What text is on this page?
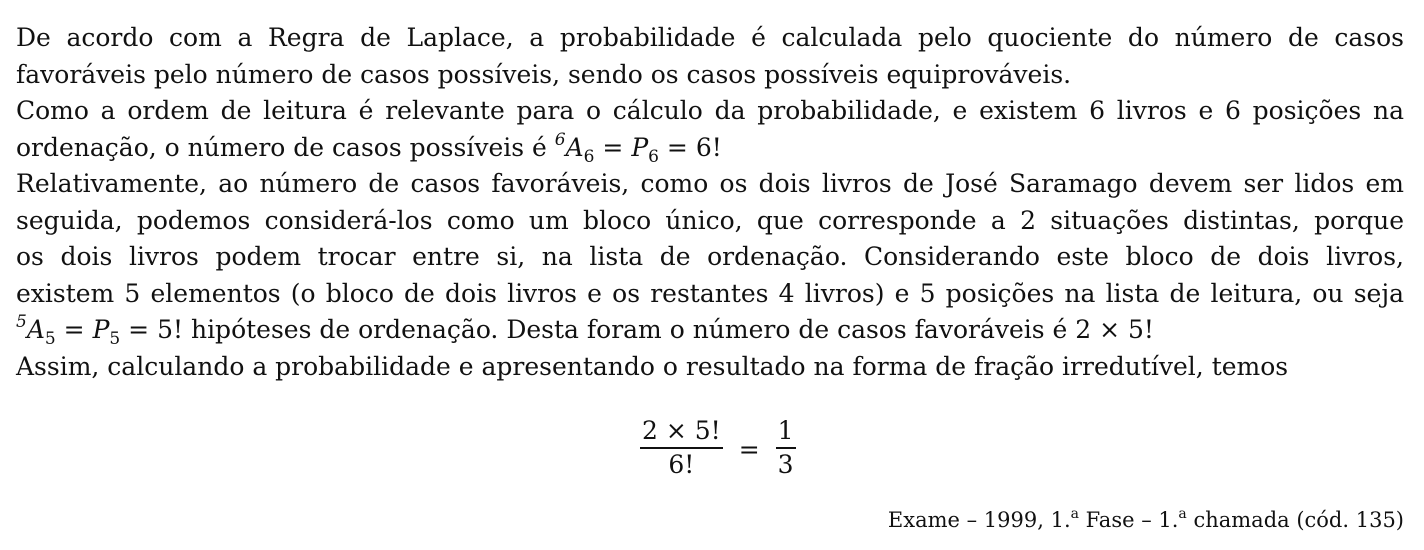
De acordo com a Regra de Laplace, a probabilidade é calculada pelo quociente do número de casos
favoráveis pelo número de casos possíveis, sendo os casos possíveis equiprováveis.
Como a ordem de leitura é relevante para o cálculo da probabilidade, e existem 6 livros e 6 posições na
ordenação, o número de casos possíveis é $^6A_6 = P_6 = 6$!
Relativamente, ao número de casos favoráveis, como os dois livros de José Saramago devem ser lidos em
seguida, podemos considerá-los como um bloco único, que corresponde a 2 situações distintas, porque
os dois livros podem trocar entre si, na lista de ordenação. Considerando este bloco de dois livros,
existem 5 elementos (o bloco de dois livros e os restantes 4 livros) e 5 posições na lista de leitura, ou seja
$^5A_5 = P_5 = 5$! hipóteses de ordenação. Desta foram o número de casos favoráveis é 2 × 5!
Assim, calculando a probabilidade e apresentando o resultado na forma de fração irredutível, temos
$\frac{2 \times 5!}{6!} = \frac{1}{3}$
Exame – 1999, 1.$^a$ Fase – 1.$^a$ chamada (cód. 135)
